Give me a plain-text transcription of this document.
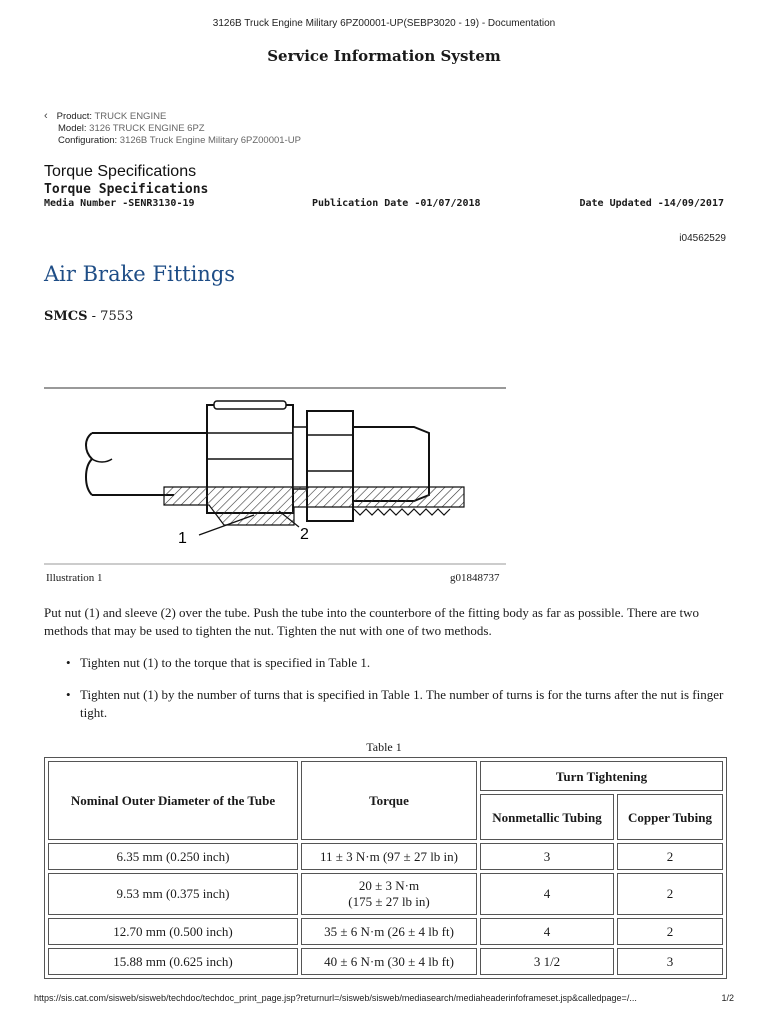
3126B Truck Engine Military 6PZ00001-UP(SEBP3020 - 19) - Documentation
Service Information System
‹ Product: TRUCK ENGINE
Model: 3126 TRUCK ENGINE 6PZ
Configuration: 3126B Truck Engine Military 6PZ00001-UP
Torque Specifications
Torque Specifications
Media Number -SENR3130-19	Publication Date -01/07/2018	Date Updated -14/09/2017
i04562529
Air Brake Fittings
SMCS - 7553
1	2
Illustration 1	g01848737
Put nut (1) and sleeve (2) over the tube. Push the tube into the counterbore of the fitting body as far as possible. There are two methods that may be used to tighten the nut. Tighten the nut with one of two methods.
• Tighten nut (1) to the torque that is specified in Table 1.
• Tighten nut (1) by the number of turns that is specified in Table 1. The number of turns is for the turns after the nut is finger tight.
Table 1
Nominal Outer Diameter of the Tube	Torque	Turn Tightening	
		Nonmetallic Tubing	Copper Tubing
6.35 mm (0.250 inch)	11 ± 3 N·m (97 ± 27 lb in)	3	2
9.53 mm (0.375 inch)	20 ± 3 N·m
(175 ± 27 lb in)	4	2
12.70 mm (0.500 inch)	35 ± 6 N·m (26 ± 4 lb ft)	4	2
15.88 mm (0.625 inch)	40 ± 6 N·m (30 ± 4 lb ft)	3 1/2	3
https://sis.cat.com/sisweb/sisweb/techdoc/techdoc_print_page.jsp?returnurl=/sisweb/sisweb/mediasearch/mediaheaderinfoframeset.jsp&calledpage=/...	1/2
